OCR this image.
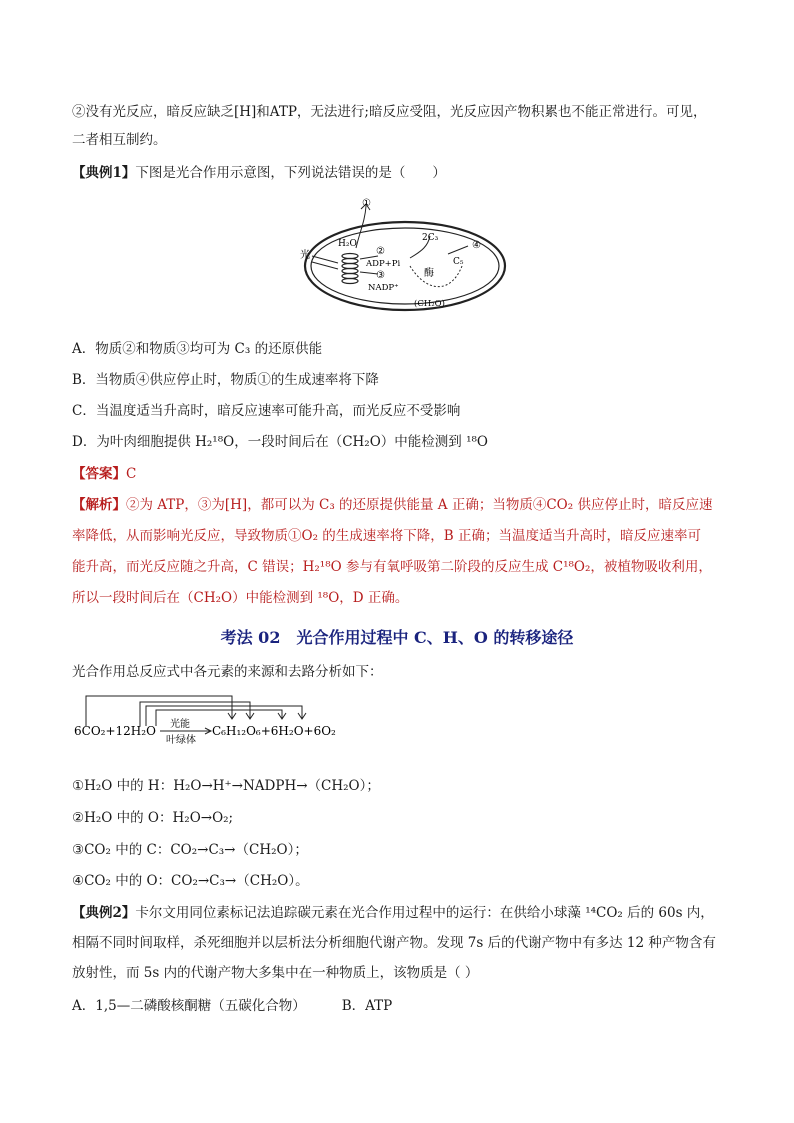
②没有光反应，暗反应缺乏[H]和ATP，无法进行;暗反应受阻，光反应因产物积累也不能正常进行。可见，
二者相互制约。
【典例1】下图是光合作用示意图，下列说法错误的是（　　）
①
光
H₂O
②
ADP+Pi
③
NADP⁺
2C₃
C₅
酶
(CH₂O)
④
A．物质②和物质③均可为 C₃ 的还原供能
B．当物质④供应停止时，物质①的生成速率将下降
C．当温度适当升高时，暗反应速率可能升高，而光反应不受影响
D．为叶肉细胞提供 H₂¹⁸O，一段时间后在（CH₂O）中能检测到 ¹⁸O
【答案】C
【解析】②为 ATP，③为[H]，都可以为 C₃ 的还原提供能量 A 正确；当物质④CO₂ 供应停止时，暗反应速
率降低，从而影响光反应，导致物质①O₂ 的生成速率将下降，B 正确；当温度适当升高时，暗反应速率可
能升高，而光反应随之升高，C 错误；H₂¹⁸O 参与有氧呼吸第二阶段的反应生成 C¹⁸O₂，被植物吸收利用，
所以一段时间后在（CH₂O）中能检测到 ¹⁸O，D 正确。
考法 02　光合作用过程中 C、H、O 的转移途径
光合作用总反应式中各元素的来源和去路分析如下：
6CO₂+12H₂O 光能
叶绿体
C₆H₁₂O₆+6H₂O+6O₂
①H₂O 中的 H：H₂O→H⁺→NADPH→（CH₂O）；
②H₂O 中的 O：H₂O→O₂;
③CO₂ 中的 C：CO₂→C₃→（CH₂O）；
④CO₂ 中的 O：CO₂→C₃→（CH₂O）。
【典例2】卡尔文用同位素标记法追踪碳元素在光合作用过程中的运行：在供给小球藻 ¹⁴CO₂ 后的 60s 内，
相隔不同时间取样，杀死细胞并以层析法分析细胞代谢产物。发现 7s 后的代谢产物中有多达 12 种产物含有
放射性，而 5s 内的代谢产物大多集中在一种物质上，该物质是（ ）
A．1,5—二磷酸核酮糖（五碳化合物）	B．ATP
